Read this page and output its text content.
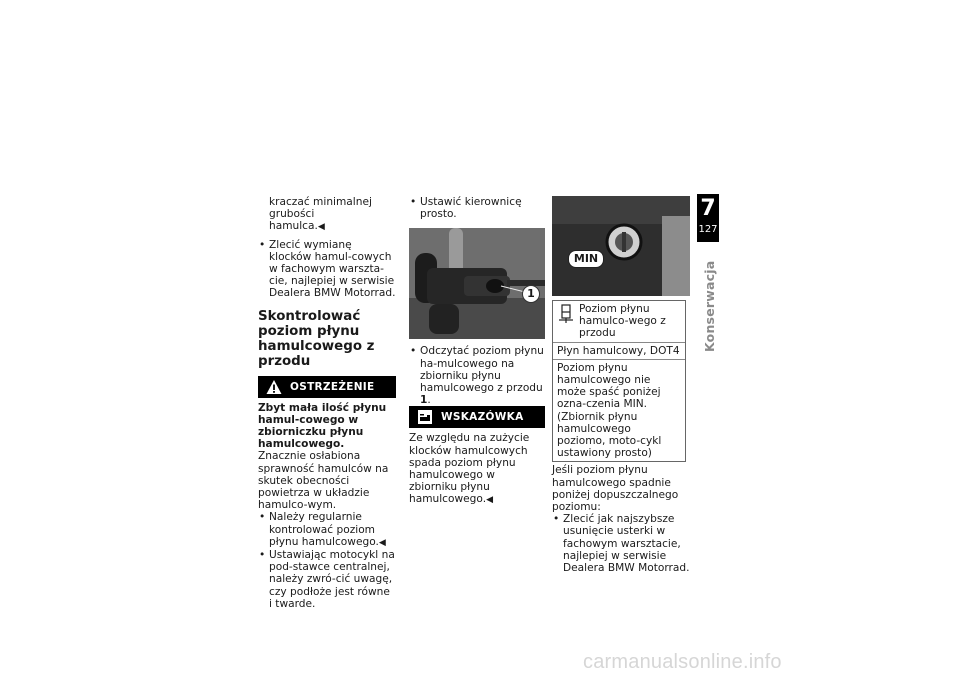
kraczać minimalnej grubości
hamulca.◀

• Zlecić wymianę klocków hamul-cowych w fachowym warszta-cie, najlepiej w serwisie Dealera BMW Motorrad.

Skontrolować poziom płynu hamulcowego z przodu
OSTRZEŻENIE

Zbyt mała ilość płynu hamul-cowego w zbiorniczku płynu hamulcowego.

Znacznie osłabiona sprawność hamulców na skutek obecności powietrza w układzie hamulco-wym.

• Należy regularnie kontrolować poziom płynu hamulcowego.◀

• Ustawiając motocykl na pod-stawce centralnej, należy zwró-cić uwagę, czy podłoże jest równe i twarde.

• Ustawić kierownicę prosto.

1

• Odczytać poziom płynu ha-mulcowego na zbiorniku płynu hamulcowego z przodu 1.

WSKAZÓWKA

Ze względu na zużycie klocków hamulcowych spada poziom płynu hamulcowego w zbiorniku płynu hamulcowego.◀

MIN
Poziom płynu hamulco-wego z przodu
Płyn hamulcowy, DOT4
Poziom płynu hamulcowego nie może spaść poniżej ozna-czenia MIN. (Zbiornik płynu hamulcowego poziomo, moto-cykl ustawiony prosto)

Jeśli poziom płynu hamulcowego spadnie poniżej dopuszczalnego poziomu:

• Zlecić jak najszybsze usunięcie usterki w fachowym warsztacie, najlepiej w serwisie Dealera BMW Motorrad.

7
127
Konserwacja
carmanualsonline.info
